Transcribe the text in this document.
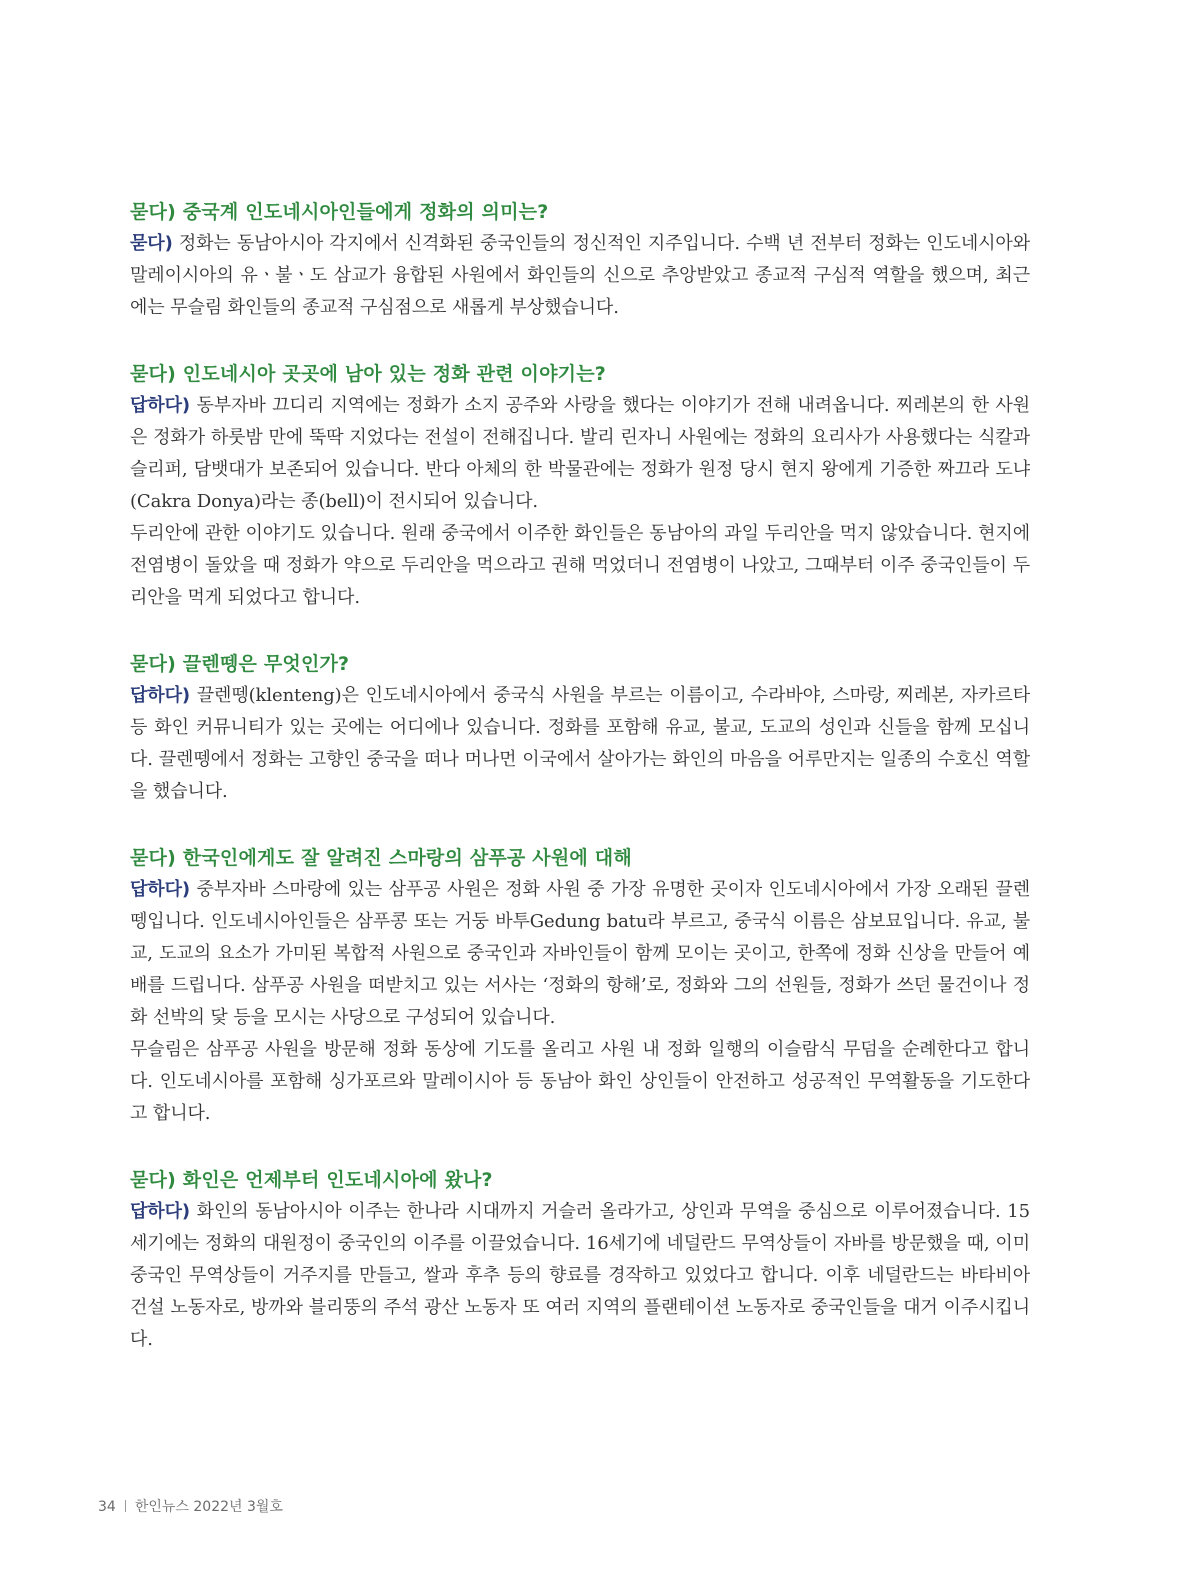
묻다) 중국계 인도네시아인들에게 정화의 의미는?

묻다) 정화는 동남아시아 각지에서 신격화된 중국인들의 정신적인 지주입니다. 수백 년 전부터 정화는 인도네시아와 말레이시아의 유ㆍ불ㆍ도 삼교가 융합된 사원에서 화인들의 신으로 추앙받았고 종교적 구심적 역할을 했으며, 최근에는 무슬림 화인들의 종교적 구심점으로 새롭게 부상했습니다.

묻다) 인도네시아 곳곳에 남아 있는 정화 관련 이야기는?

답하다) 동부자바 끄디리 지역에는 정화가 소지 공주와 사랑을 했다는 이야기가 전해 내려옵니다. 찌레본의 한 사원은 정화가 하룻밤 만에 뚝딱 지었다는 전설이 전해집니다. 발리 린자니 사원에는 정화의 요리사가 사용했다는 식칼과 슬리퍼, 담뱃대가 보존되어 있습니다. 반다 아체의 한 박물관에는 정화가 원정 당시 현지 왕에게 기증한 짜끄라 도냐(Cakra Donya)라는 종(bell)이 전시되어 있습니다.

두리안에 관한 이야기도 있습니다. 원래 중국에서 이주한 화인들은 동남아의 과일 두리안을 먹지 않았습니다. 현지에 전염병이 돌았을 때 정화가 약으로 두리안을 먹으라고 권해 먹었더니 전염병이 나았고, 그때부터 이주 중국인들이 두리안을 먹게 되었다고 합니다.

묻다) 끌렌뗑은 무엇인가?

답하다) 끌렌뗑(klenteng)은 인도네시아에서 중국식 사원을 부르는 이름이고, 수라바야, 스마랑, 찌레본, 자카르타 등 화인 커뮤니티가 있는 곳에는 어디에나 있습니다. 정화를 포함해 유교, 불교, 도교의 성인과 신들을 함께 모십니다. 끌렌뗑에서 정화는 고향인 중국을 떠나 머나먼 이국에서 살아가는 화인의 마음을 어루만지는 일종의 수호신 역할을 했습니다.

묻다) 한국인에게도 잘 알려진 스마랑의 삼푸공 사원에 대해

답하다) 중부자바 스마랑에 있는 삼푸공 사원은 정화 사원 중 가장 유명한 곳이자 인도네시아에서 가장 오래된 끌렌뗑입니다. 인도네시아인들은 삼푸콩 또는 거둥 바투Gedung batu라 부르고, 중국식 이름은 삼보묘입니다. 유교, 불교, 도교의 요소가 가미된 복합적 사원으로 중국인과 자바인들이 함께 모이는 곳이고, 한쪽에 정화 신상을 만들어 예배를 드립니다. 삼푸공 사원을 떠받치고 있는 서사는 ‘정화의 항해’로, 정화와 그의 선원들, 정화가 쓰던 물건이나 정화 선박의 닻 등을 모시는 사당으로 구성되어 있습니다.

무슬림은 삼푸공 사원을 방문해 정화 동상에 기도를 올리고 사원 내 정화 일행의 이슬람식 무덤을 순례한다고 합니다. 인도네시아를 포함해 싱가포르와 말레이시아 등 동남아 화인 상인들이 안전하고 성공적인 무역활동을 기도한다고 합니다.

묻다) 화인은 언제부터 인도네시아에 왔나?

답하다) 화인의 동남아시아 이주는 한나라 시대까지 거슬러 올라가고, 상인과 무역을 중심으로 이루어졌습니다. 15세기에는 정화의 대원정이 중국인의 이주를 이끌었습니다. 16세기에 네덜란드 무역상들이 자바를 방문했을 때, 이미 중국인 무역상들이 거주지를 만들고, 쌀과 후추 등의 향료를 경작하고 있었다고 합니다. 이후 네덜란드는 바타비아 건설 노동자로, 방까와 블리뚱의 주석 광산 노동자 또 여러 지역의 플랜테이션 노동자로 중국인들을 대거 이주시킵니다.

34 한인뉴스 2022년 3월호
